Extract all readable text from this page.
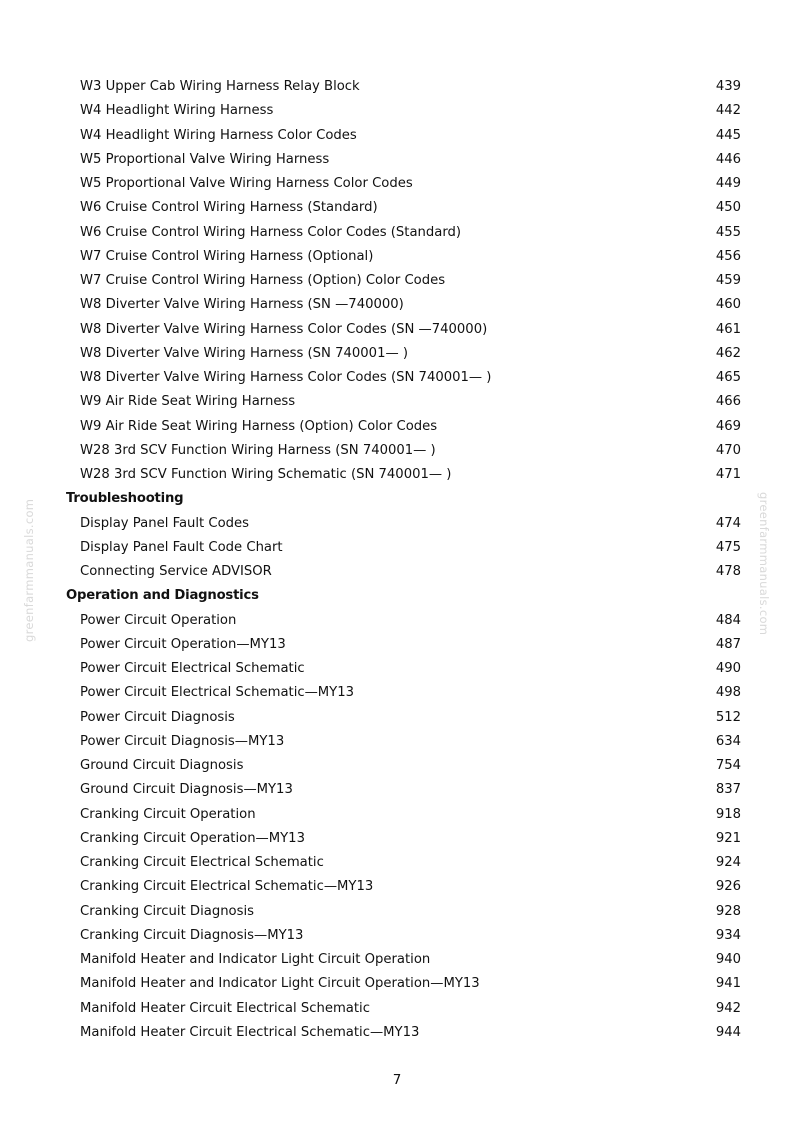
greenfarmmanuals.com	greenfarmmanuals.com
W3 Upper Cab Wiring Harness Relay Block	439
W4 Headlight Wiring Harness	442
W4 Headlight Wiring Harness Color Codes	445
W5 Proportional Valve Wiring Harness	446
W5 Proportional Valve Wiring Harness Color Codes	449
W6 Cruise Control Wiring Harness (Standard)	450
W6 Cruise Control Wiring Harness Color Codes (Standard)	455
W7 Cruise Control Wiring Harness (Optional)	456
W7 Cruise Control Wiring Harness (Option) Color Codes	459
W8 Diverter Valve Wiring Harness (SN —740000)	460
W8 Diverter Valve Wiring Harness Color Codes (SN —740000)	461
W8 Diverter Valve Wiring Harness (SN 740001— )	462
W8 Diverter Valve Wiring Harness Color Codes (SN 740001— )	465
W9 Air Ride Seat Wiring Harness	466
W9 Air Ride Seat Wiring Harness (Option) Color Codes	469
W28 3rd SCV Function Wiring Harness (SN 740001— )	470
W28 3rd SCV Function Wiring Schematic (SN 740001— )	471
Troubleshooting
Display Panel Fault Codes	474
Display Panel Fault Code Chart	475
Connecting Service ADVISOR	478
Operation and Diagnostics
Power Circuit Operation	484
Power Circuit Operation—MY13	487
Power Circuit Electrical Schematic	490
Power Circuit Electrical Schematic—MY13	498
Power Circuit Diagnosis	512
Power Circuit Diagnosis—MY13	634
Ground Circuit Diagnosis	754
Ground Circuit Diagnosis—MY13	837
Cranking Circuit Operation	918
Cranking Circuit Operation—MY13	921
Cranking Circuit Electrical Schematic	924
Cranking Circuit Electrical Schematic—MY13	926
Cranking Circuit Diagnosis	928
Cranking Circuit Diagnosis—MY13	934
Manifold Heater and Indicator Light Circuit Operation	940
Manifold Heater and Indicator Light Circuit Operation—MY13	941
Manifold Heater Circuit Electrical Schematic	942
Manifold Heater Circuit Electrical Schematic—MY13	944
7
